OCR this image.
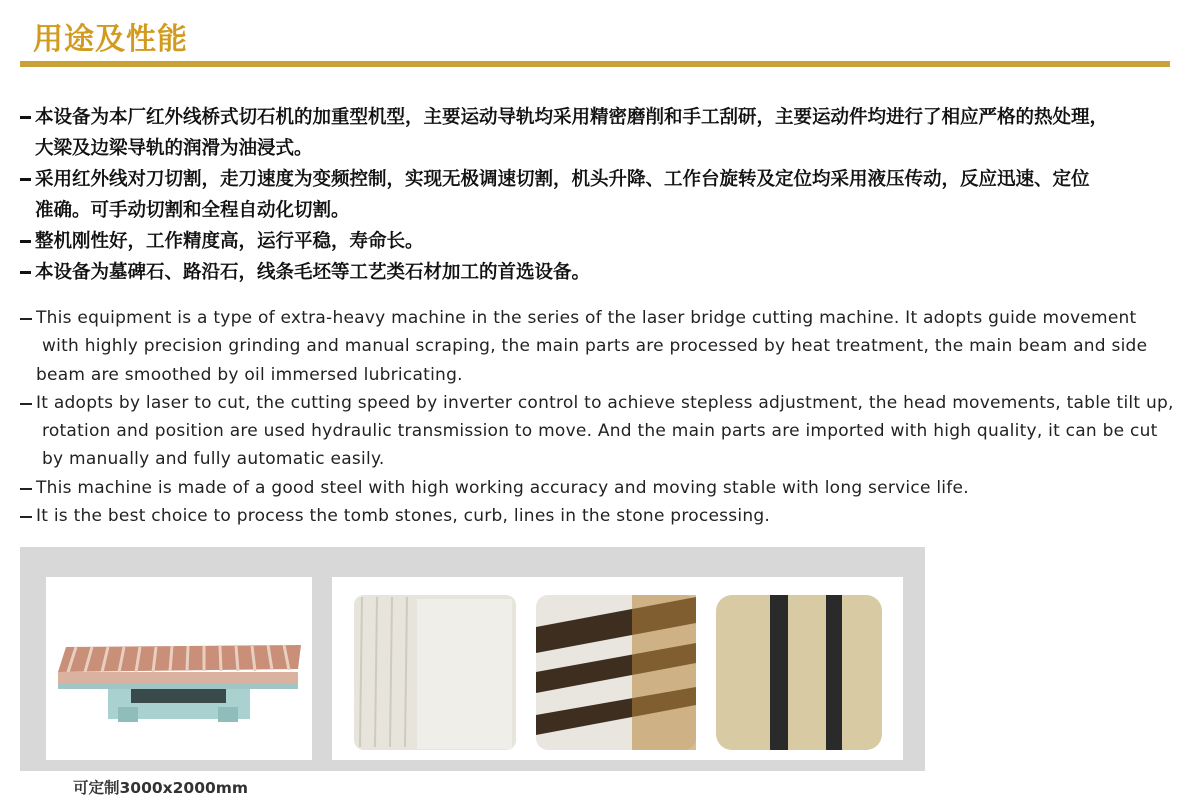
用途及性能
本设备为本厂红外线桥式切石机的加重型机型，主要运动导轨均采用精密磨削和手工刮研，主要运动件均进行了相应严格的热处理，
大梁及边梁导轨的润滑为油浸式。
采用红外线对刀切割，走刀速度为变频控制，实现无极调速切割，机头升降、工作台旋转及定位均采用液压传动，反应迅速、定位
准确。可手动切割和全程自动化切割。
整机刚性好，工作精度高，运行平稳，寿命长。
本设备为墓碑石、路沿石，线条毛坯等工艺类石材加工的首选设备。
This equipment is a type of extra-heavy machine in the series of the laser bridge cutting machine. It adopts guide movement
with highly precision grinding and manual scraping, the main parts are processed by heat treatment, the main beam and side
beam are smoothed by oil immersed lubricating.
It adopts by laser to cut, the cutting speed by inverter control to achieve stepless adjustment, the head movements, table tilt up,
rotation and position are used hydraulic transmission to move. And the main parts are imported with high quality, it can be cut by manually and fully automatic easily.
This machine is made of a good steel with high working accuracy and moving stable with long service life.
It is the best choice to process the tomb stones, curb, lines in the stone processing.
可定制3000x2000mm
